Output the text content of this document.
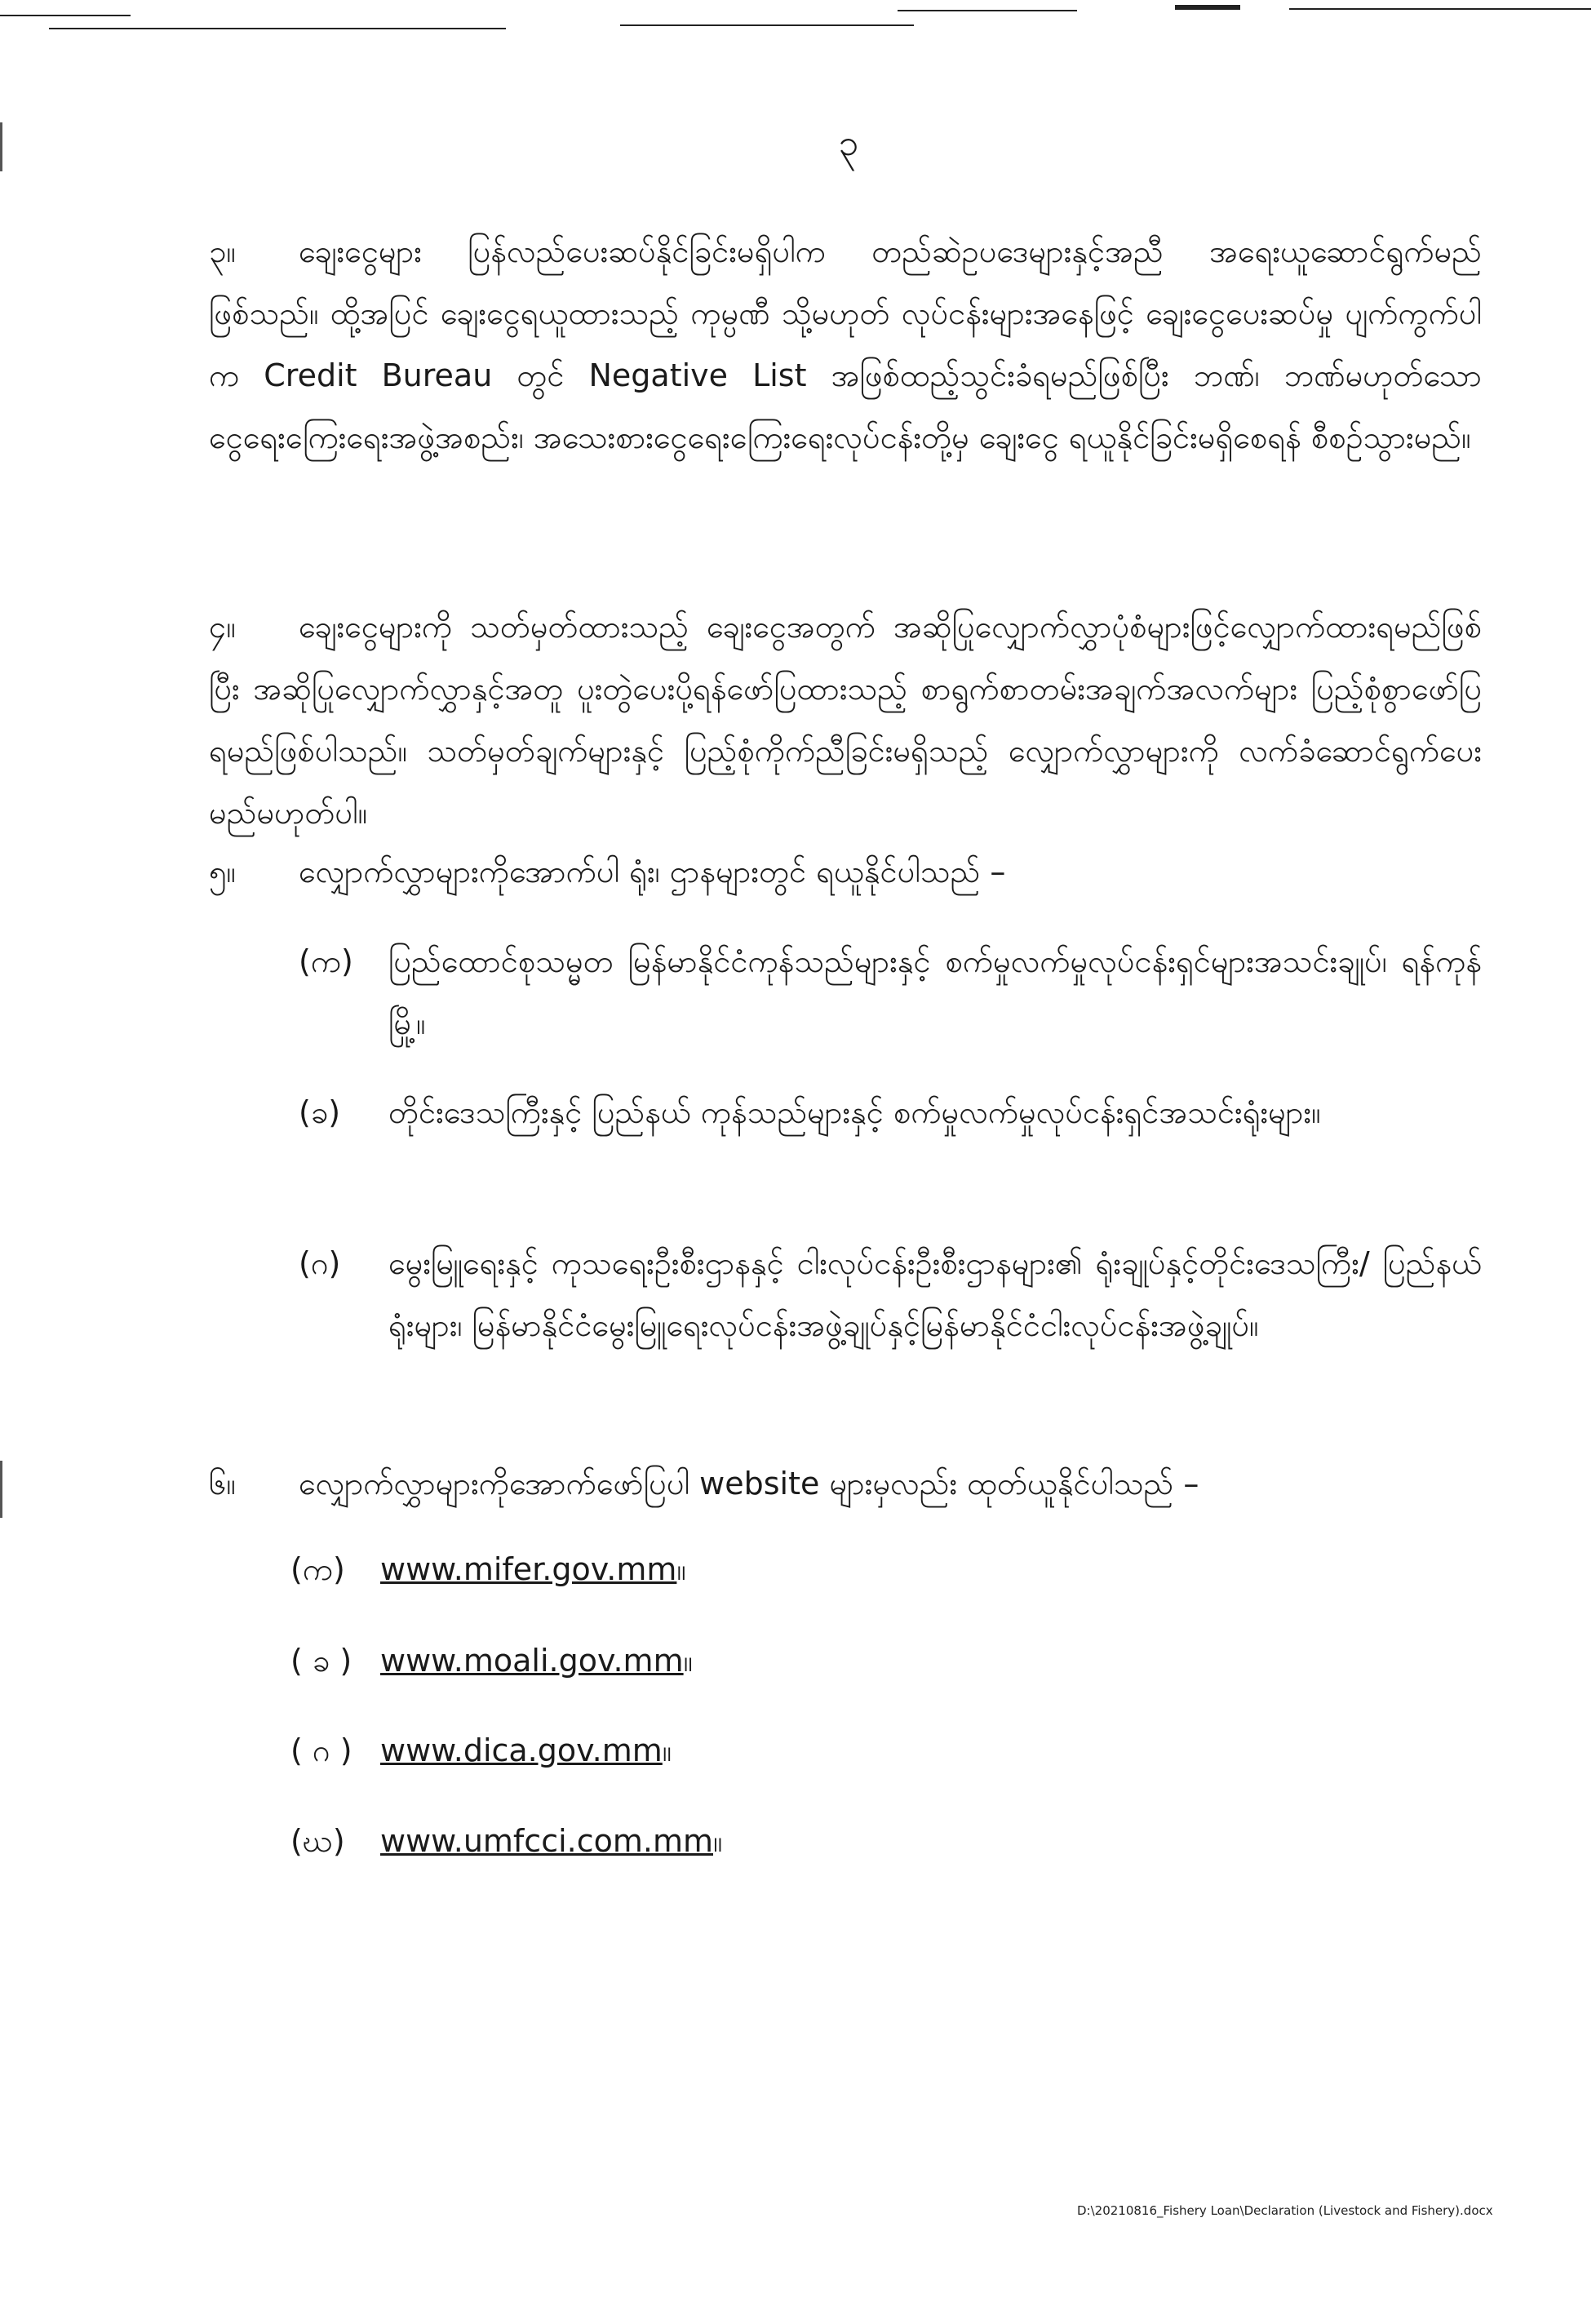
၃
၃။ ချေးငွေများ ပြန်လည်ပေးဆပ်နိုင်ခြင်းမရှိပါက တည်ဆဲဥပဒေများနှင့်အညီ အရေးယူဆောင်ရွက်မည်ဖြစ်သည်။ ထို့အပြင် ချေးငွေရယူထားသည့် ကုမ္ပဏီ သို့မဟုတ် လုပ်ငန်းများအနေဖြင့် ချေးငွေပေးဆပ်မှု ပျက်ကွက်ပါက Credit Bureau တွင် Negative List အဖြစ်ထည့်သွင်းခံရမည်ဖြစ်ပြီး ဘဏ်၊ ဘဏ်မဟုတ်သော ငွေရေးကြေးရေးအဖွဲ့အစည်း၊ အသေးစားငွေရေးကြေးရေးလုပ်ငန်းတို့မှ ချေးငွေ ရယူနိုင်ခြင်းမရှိစေရန် စီစဉ်သွားမည်။
၄။ ချေးငွေများကို သတ်မှတ်ထားသည့် ချေးငွေအတွက် အဆိုပြုလျှောက်လွှာပုံစံများဖြင့်လျှောက်ထားရမည်ဖြစ်ပြီး အဆိုပြုလျှောက်လွှာနှင့်အတူ ပူးတွဲပေးပို့ရန်ဖော်ပြထားသည့် စာရွက်စာတမ်းအချက်အလက်များ ပြည့်စုံစွာဖော်ပြရမည်ဖြစ်ပါသည်။ သတ်မှတ်ချက်များနှင့် ပြည့်စုံကိုက်ညီခြင်းမရှိသည့် လျှောက်လွှာများကို လက်ခံဆောင်ရွက်ပေးမည်မဟုတ်ပါ။
၅။ လျှောက်လွှာများကိုအောက်ပါ ရုံး၊ ဌာနများတွင် ရယူနိုင်ပါသည် –
(က)	ပြည်ထောင်စုသမ္မတ မြန်မာနိုင်ငံကုန်သည်များနှင့် စက်မှုလက်မှုလုပ်ငန်းရှင်များအသင်းချုပ်၊ ရန်ကုန်မြို့။
(ခ)	တိုင်းဒေသကြီးနှင့် ပြည်နယ် ကုန်သည်များနှင့် စက်မှုလက်မှုလုပ်ငန်းရှင်အသင်းရုံးများ။
(ဂ)	မွေးမြူရေးနှင့် ကုသရေးဦးစီးဌာနနှင့် ငါးလုပ်ငန်းဦးစီးဌာနများ၏ ရုံးချုပ်နှင့်တိုင်းဒေသကြီး/ ပြည်နယ်ရုံးများ၊ မြန်မာနိုင်ငံမွေးမြူရေးလုပ်ငန်းအဖွဲ့ချုပ်နှင့်မြန်မာနိုင်ငံငါးလုပ်ငန်းအဖွဲ့ချုပ်။
၆။ လျှောက်လွှာများကိုအောက်ဖော်ပြပါ website များမှလည်း ထုတ်ယူနိုင်ပါသည် –
(က)	www.mifer.gov.mm။
( ခ ) www.moali.gov.mm။
( ဂ ) www.dica.gov.mm။
(ဃ)	www.umfcci.com.mm။
D:\20210816_Fishery Loan\Declaration (Livestock and Fishery).docx
